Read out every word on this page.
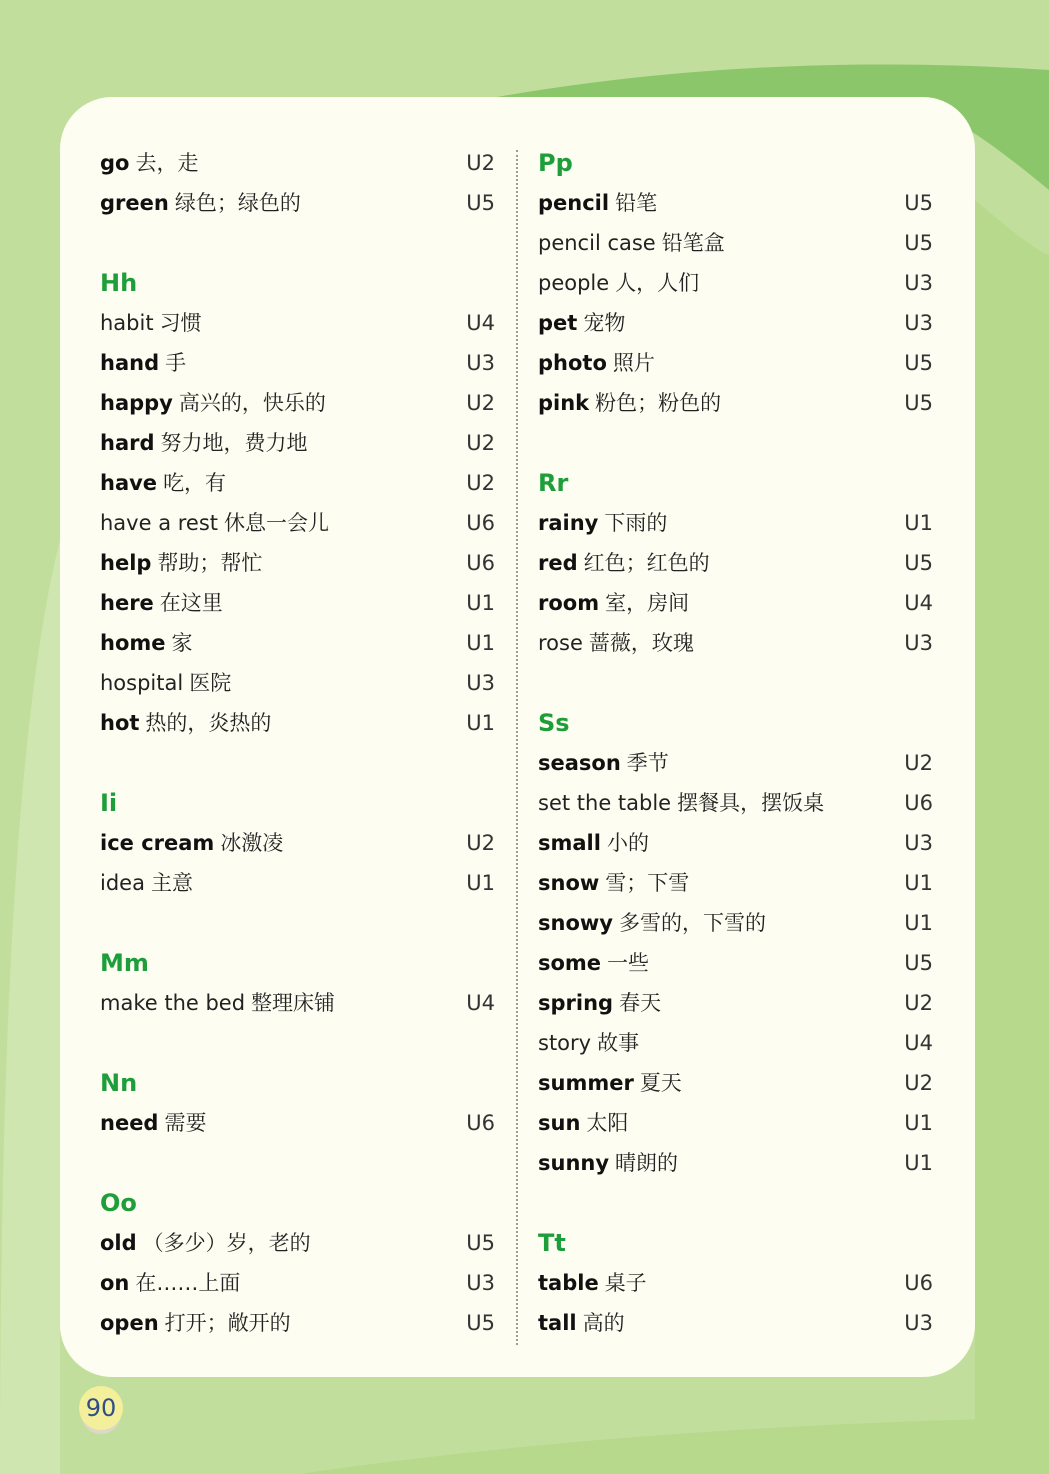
go 去，走	U2
green 绿色；绿色的	U5
Hh
habit 习惯	U4
hand 手	U3
happy 高兴的，快乐的	U2
hard 努力地，费力地	U2
have 吃，有	U2
have a rest 休息一会儿	U6
help 帮助；帮忙	U6
here 在这里	U1
home 家	U1
hospital 医院	U3
hot 热的，炎热的	U1
Ii
ice cream 冰激凌	U2
idea 主意	U1
Mm
make the bed 整理床铺	U4
Nn
need 需要	U6
Oo
old （多少）岁，老的	U5
on 在……上面	U3
open 打开；敞开的	U5
Pp
pencil 铅笔	U5
pencil case 铅笔盒	U5
people 人，人们	U3
pet 宠物	U3
photo 照片	U5
pink 粉色；粉色的	U5
Rr
rainy 下雨的	U1
red 红色；红色的	U5
room 室，房间	U4
rose 蔷薇，玫瑰	U3
Ss
season 季节	U2
set the table 摆餐具，摆饭桌	U6
small 小的	U3
snow 雪；下雪	U1
snowy 多雪的，下雪的	U1
some 一些	U5
spring 春天	U2
story 故事	U4
summer 夏天	U2
sun 太阳	U1
sunny 晴朗的	U1
Tt
table 桌子	U6
tall 高的	U3
90
